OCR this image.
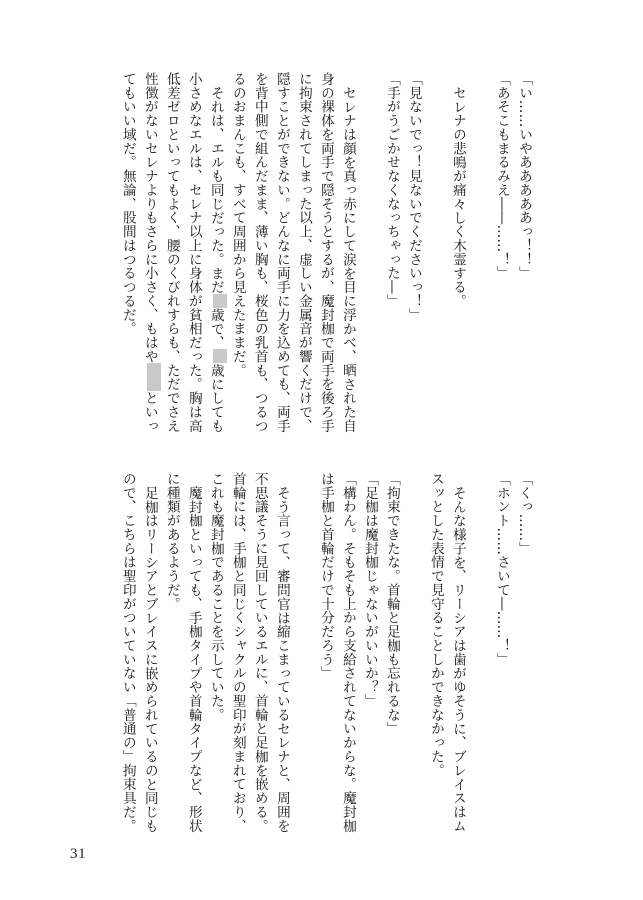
「い……いやあああああっ！！」
「あそこもまるみえ――……！」
セレナの悲鳴が痛々しく木霊する。
「見ないでっ！見ないでくださいっ！」
「手がうごかせなくなっちゃった―」
セレナは顔を真っ赤にして涙を目に浮かべ、晒された自
身の裸体を両手で隠そうとするが、魔封枷で両手を後ろ手
に拘束されてしまった以上、虚しい金属音が響くだけで、
隠すことができない。どんなに両手に力を込めても、両手
を背中側で組んだまま、薄い胸も、桜色の乳首も、つるつ
るのおまんこも、すべて周囲から見えたままだ。
それは、エルも同じだった。まだ　歳で、　歳にしても
小さめなエルは、セレナ以上に身体が貧相だった。胸は高
低差ゼロといってもよく、腰のくびれすらも、ただでさえ
性徴がないセレナよりもさらに小さく、もはや　　といっ
てもいい域だ。無論、股間はつるつるだ。
「くっ……」
「ホント……さいて―……！」
そんな様子を、リーシアは歯がゆそうに、ブレイスはム
スッとした表情で見守ることしかできなかった。
「拘束できたな。首輪と足枷も忘れるな」
「足枷は魔封枷じゃないがいいか？」
「構わん。そもそも上から支給されてないからな。魔封枷
は手枷と首輪だけで十分だろう」
そう言って、審問官は縮こまっているセレナと、周囲を
不思議そうに見回しているエルに、首輪と足枷を嵌める。
首輪には、手枷と同じくシャクルの聖印が刻まれており、
これも魔封枷であることを示していた。
魔封枷といっても、手枷タイプや首輪タイプなど、形状
に種類があるようだ。
足枷はリーシアとブレイスに嵌められているのと同じも
ので、こちらは聖印がついていない「普通の」拘束具だ。
31
